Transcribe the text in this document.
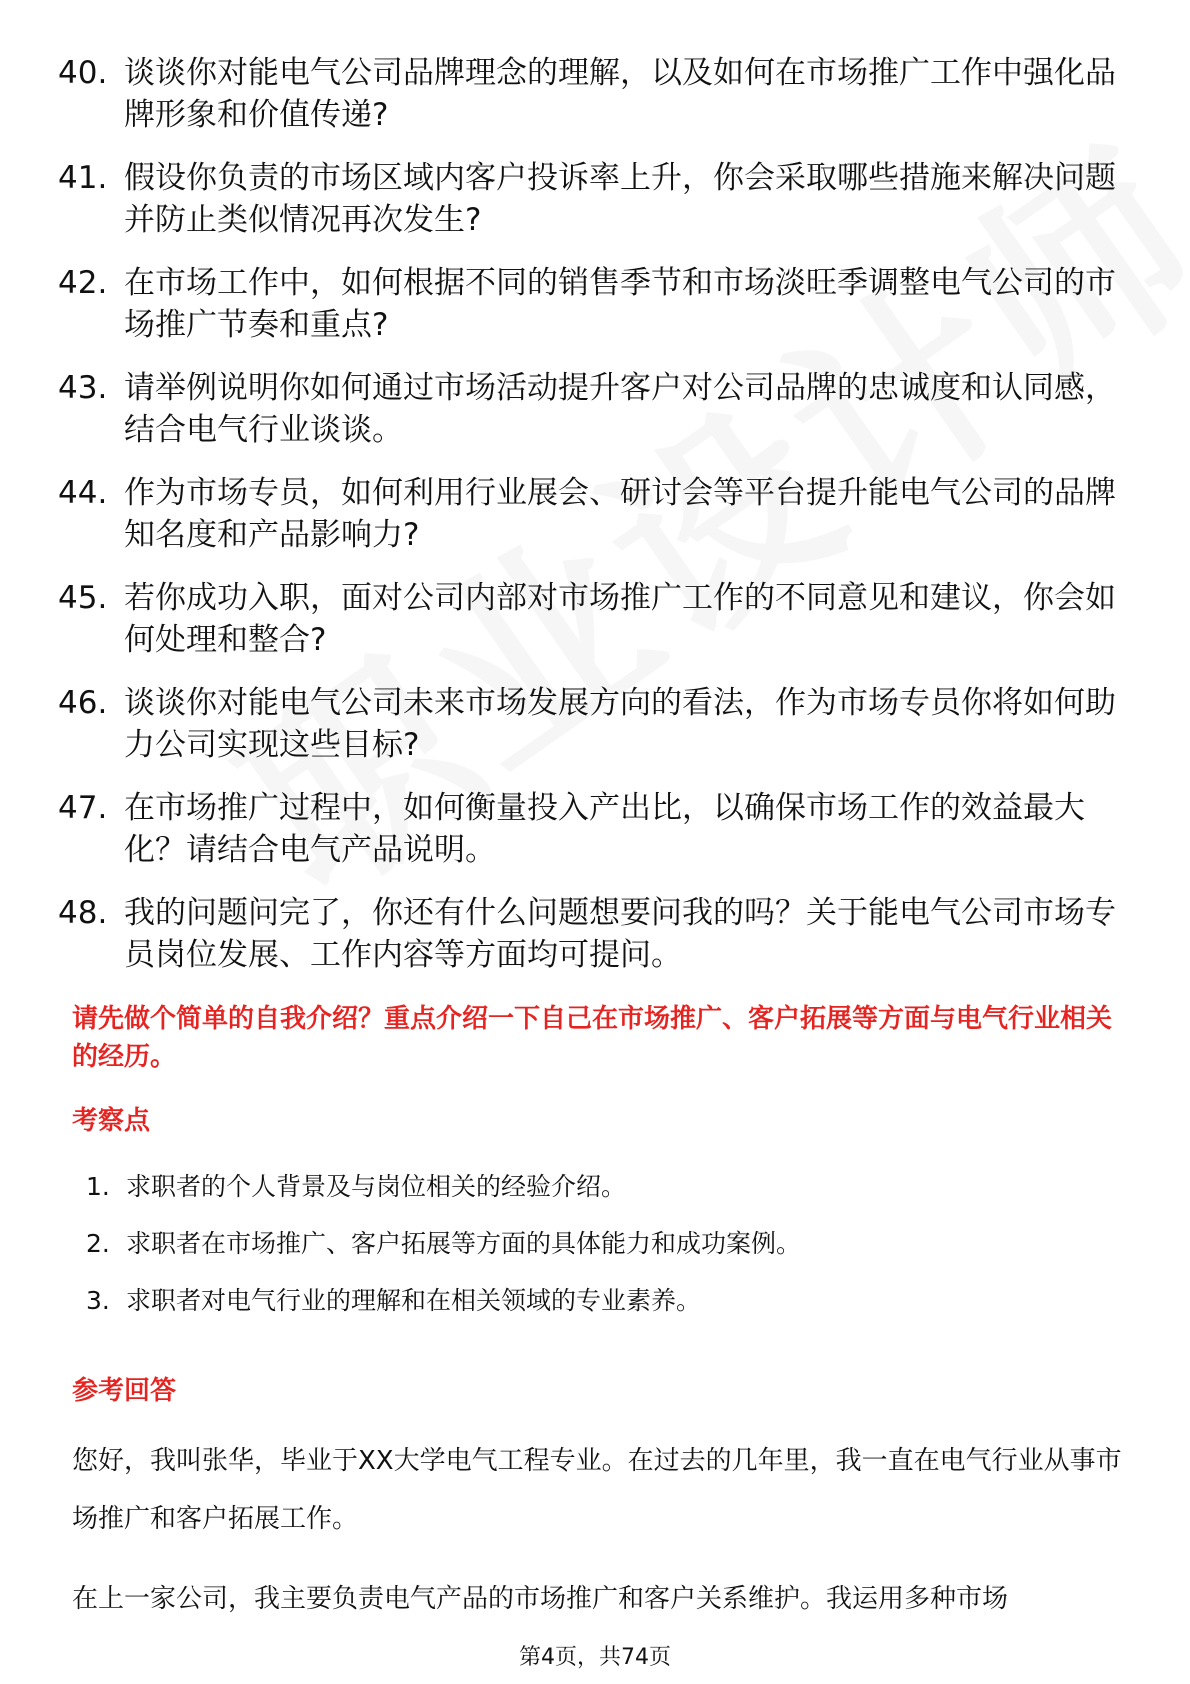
40. 谈谈你对能电气公司品牌理念的理解，以及如何在市场推广工作中强化品牌形象和价值传递?
41. 假设你负责的市场区域内客户投诉率上升，你会采取哪些措施来解决问题并防止类似情况再次发生?
42. 在市场工作中，如何根据不同的销售季节和市场淡旺季调整电气公司的市场推广节奏和重点?
43. 请举例说明你如何通过市场活动提升客户对公司品牌的忠诚度和认同感，结合电气行业谈谈。
44. 作为市场专员，如何利用行业展会、研讨会等平台提升能电气公司的品牌知名度和产品影响力?
45. 若你成功入职，面对公司内部对市场推广工作的不同意见和建议，你会如何处理和整合?
46. 谈谈你对能电气公司未来市场发展方向的看法，作为市场专员你将如何助力公司实现这些目标?
47. 在市场推广过程中，如何衡量投入产出比，以确保市场工作的效益最大化？请结合电气产品说明。
48. 我的问题问完了，你还有什么问题想要问我的吗？关于能电气公司市场专员岗位发展、工作内容等方面均可提问。
请先做个简单的自我介绍？重点介绍一下自己在市场推广、客户拓展等方面与电气行业相关的经历。
考察点
1. 求职者的个人背景及与岗位相关的经验介绍。
2. 求职者在市场推广、客户拓展等方面的具体能力和成功案例。
3. 求职者对电气行业的理解和在相关领域的专业素养。
参考回答
您好，我叫张华，毕业于XX大学电气工程专业。在过去的几年里，我一直在电气行业从事市场推广和客户拓展工作。
在上一家公司，我主要负责电气产品的市场推广和客户关系维护。我运用多种市场
第4页，共74页
